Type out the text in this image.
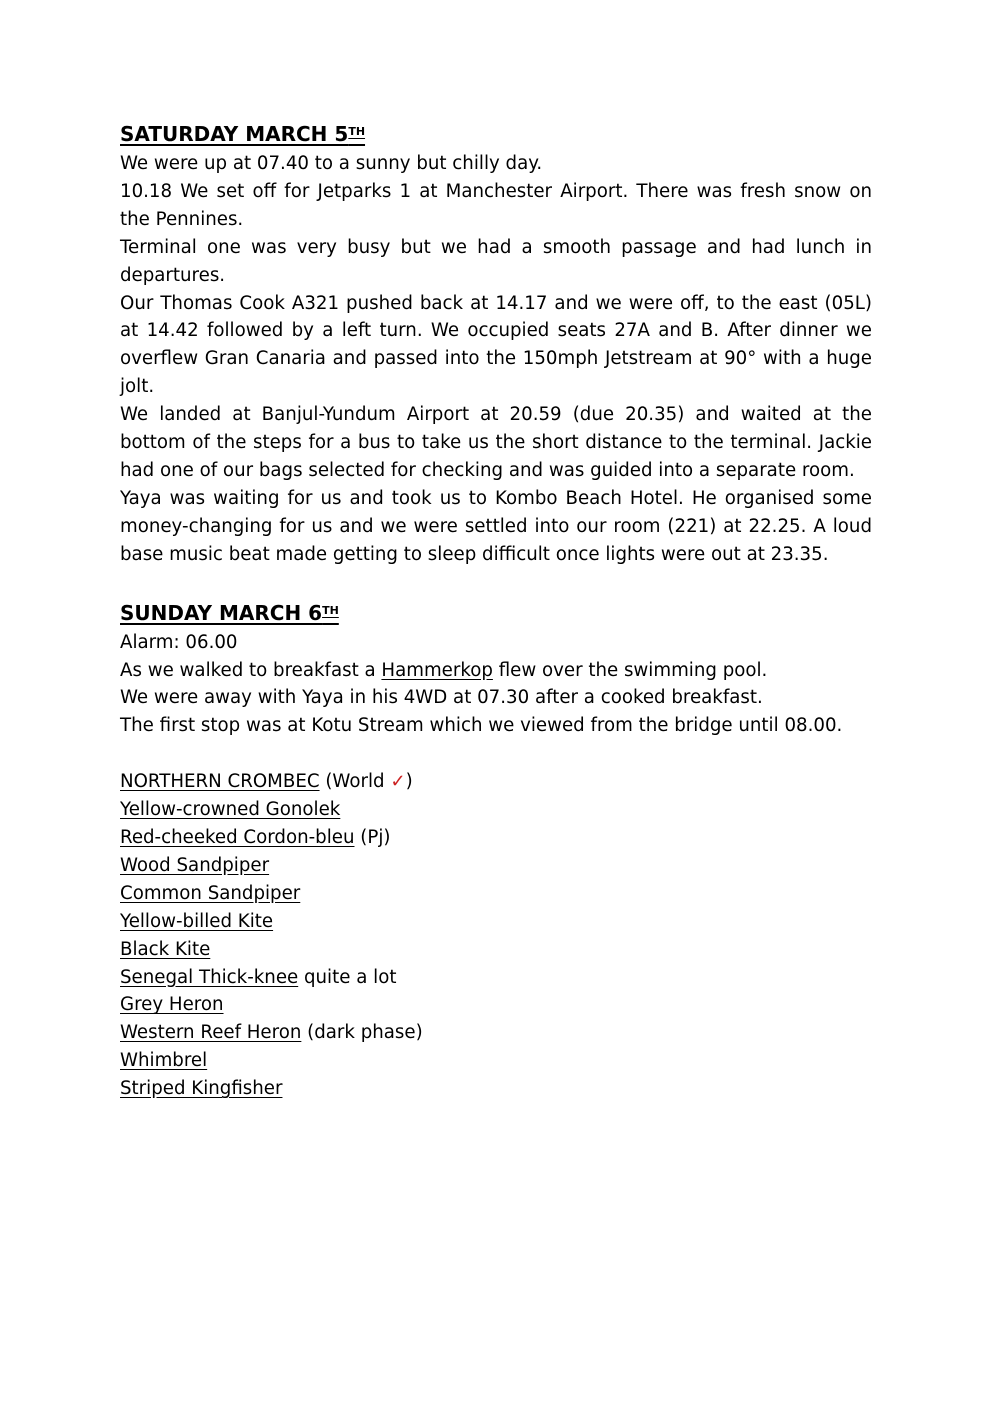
SATURDAY MARCH 5TH

We were up at 07.40 to a sunny but chilly day.

10.18 We set off for Jetparks 1 at Manchester Airport. There was fresh snow on the Pennines.

Terminal one was very busy but we had a smooth passage and had lunch in departures.

Our Thomas Cook A321 pushed back at 14.17 and we were off, to the east (05L) at 14.42 followed by a left turn. We occupied seats 27A and B. After dinner we overflew Gran Canaria and passed into the 150mph Jetstream at 90° with a huge jolt.

We landed at Banjul-Yundum Airport at 20.59 (due 20.35) and waited at the bottom of the steps for a bus to take us the short distance to the terminal. Jackie had one of our bags selected for checking and was guided into a separate room.

Yaya was waiting for us and took us to Kombo Beach Hotel. He organised some money-changing for us and we were settled into our room (221) at 22.25. A loud base music beat made getting to sleep difficult once lights were out at 23.35.

SUNDAY MARCH 6TH

Alarm: 06.00

As we walked to breakfast a Hammerkop flew over the swimming pool.

We were away with Yaya in his 4WD at 07.30 after a cooked breakfast.

The first stop was at Kotu Stream which we viewed from the bridge until 08.00.

NORTHERN CROMBEC (World ✓)

Yellow-crowned Gonolek

Red-cheeked Cordon-bleu (Pj)

Wood Sandpiper

Common Sandpiper

Yellow-billed Kite

Black Kite

Senegal Thick-knee quite a lot

Grey Heron

Western Reef Heron (dark phase)

Whimbrel

Striped Kingfisher
